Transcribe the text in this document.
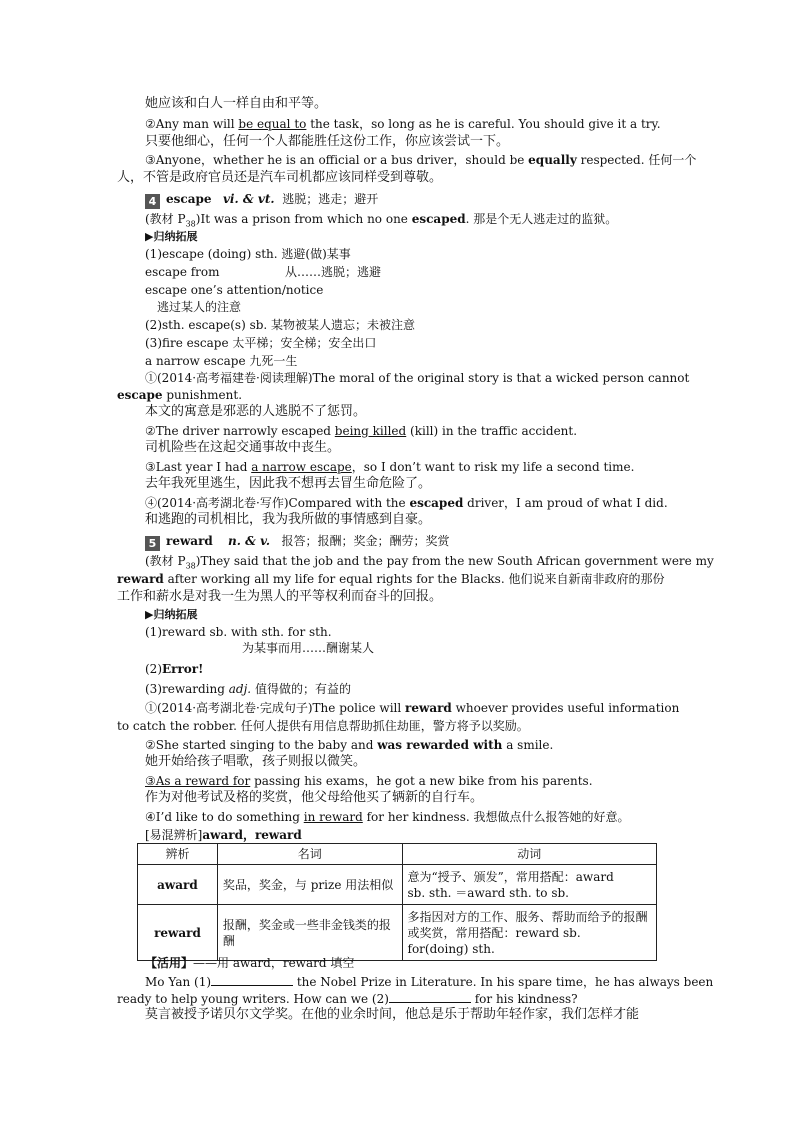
她应该和白人一样自由和平等。
②Any man will be equal to the task，so long as he is careful. You should give it a try.
只要他细心，任何一个人都能胜任这份工作，你应该尝试一下。
③Anyone，whether he is an official or a bus driver，should be equally respected. 任何一个
人，不管是政府官员还是汽车司机都应该同样受到尊敬。
4 escape vi. & vt. 逃脱；逃走；避开
(教材 $P_{38})It$ was a prison from which no one escaped. 那是个无人逃走过的监狱。
▶归纳拓展
(1)escape (doing) sth. 逃避(做)某事
escape from	从……逃脱；逃避
escape one’s attention/notice
逃过某人的注意
(2)sth. escape(s) sb. 某物被某人遗忘；未被注意
(3)fire escape 太平梯；安全梯；安全出口
a narrow escape 九死一生
①(2014·高考福建卷·阅读理解)The moral of the original story is that a wicked person cannot
escape punishment.
本文的寓意是邪恶的人逃脱不了惩罚。
②The driver narrowly escaped being killed (kill) in the traffic accident.
司机险些在这起交通事故中丧生。
③Last year I had a narrow escape，so I don’t want to risk my life a second time.
去年我死里逃生，因此我不想再去冒生命危险了。
④(2014·高考湖北卷·写作)Compared with the escaped driver，I am proud of what I did.
和逃跑的司机相比，我为我所做的事情感到自豪。
5 reward n. & v. 报答；报酬；奖金；酬劳；奖赏
(教材 $P_{38})They$ said that the job and the pay from the new South African government were my
reward after working all my life for equal rights for the Blacks. 他们说来自新南非政府的那份
工作和薪水是对我一生为黑人的平等权利而奋斗的回报。
▶归纳拓展
(1)reward sb. with sth. for sth.
为某事而用……酬谢某人
(2)Error!
(3)rewarding adj. 值得做的；有益的
①(2014·高考湖北卷·完成句子)The police will reward whoever provides useful information
to catch the robber. 任何人提供有用信息帮助抓住劫匪，警方将予以奖励。
②She started singing to the baby and was rewarded with a smile.
她开始给孩子唱歌，孩子则报以微笑。
③As a reward for passing his exams，he got a new bike from his parents.
作为对他考试及格的奖赏，他父母给他买了辆新的自行车。
④I’d like to do something in reward for her kindness. 我想做点什么报答她的好意。
[易混辨析]award，reward
辨析	名词	动词
award	奖品，奖金，与 prize 用法相似	意为“授予、颁发”，常用搭配：award
sb. sth. ＝award sth. to sb.
reward	报酬，奖金或一些非金钱类的报酬	多指因对方的工作、服务、帮助而给予的报酬或奖赏，常用搭配：reward sb.
for(doing) sth.
【活用】——用 award，reward 填空
Mo Yan (1)	the Nobel Prize in Literature. In his spare time，he has always been
ready to help young writers. How can we (2)	for his kindness?
莫言被授予诺贝尔文学奖。在他的业余时间，他总是乐于帮助年轻作家，我们怎样才能
